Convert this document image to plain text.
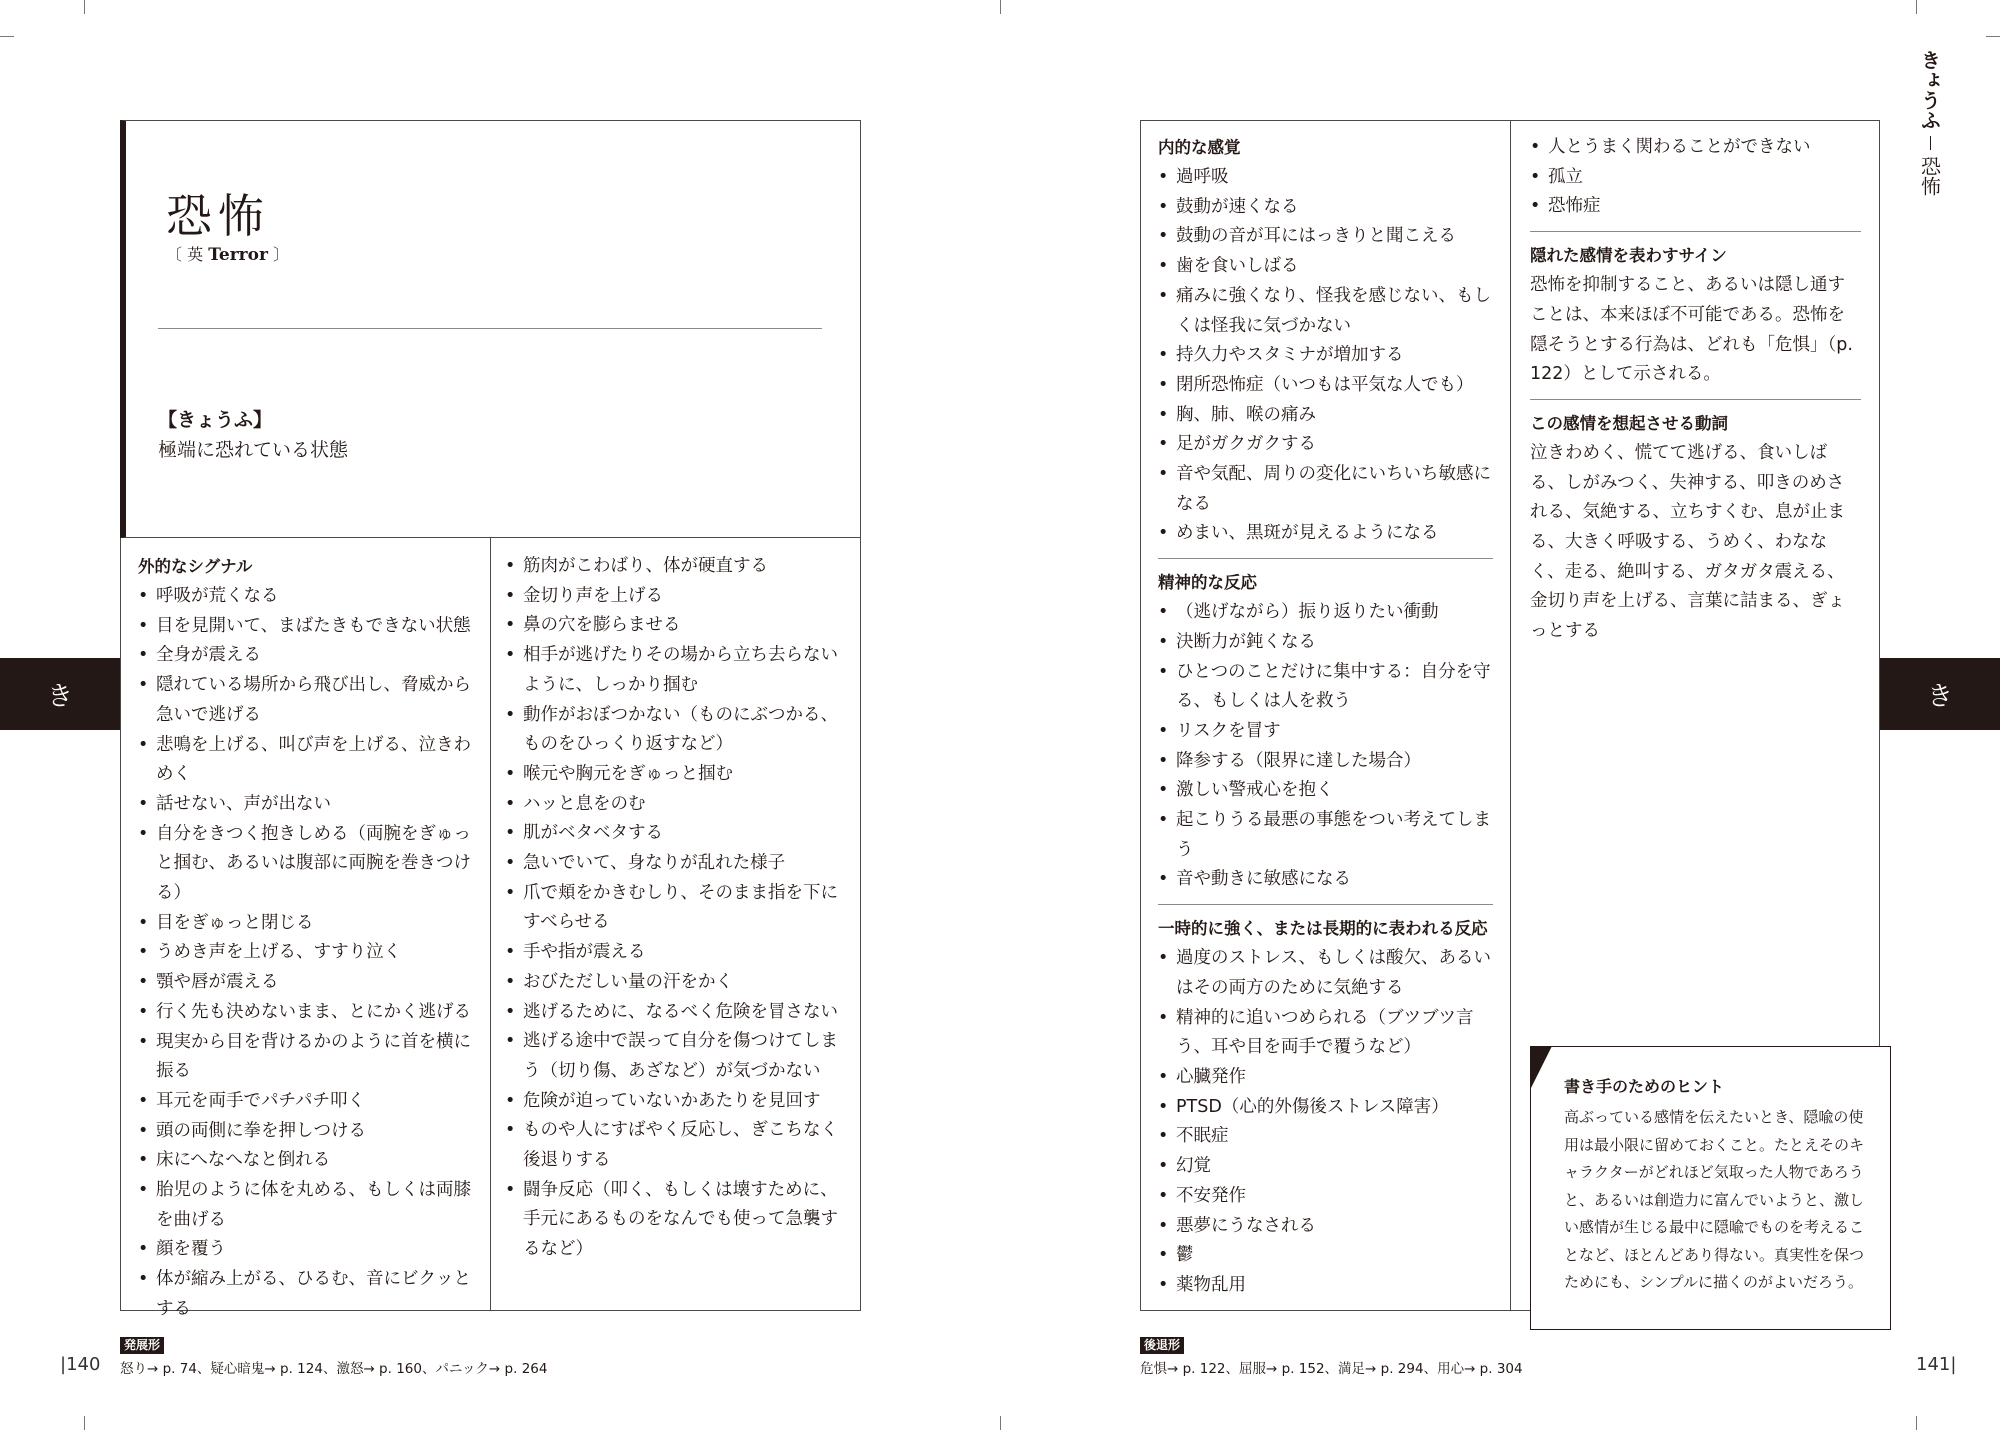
恐怖
〔 英 Terror 〕
【きょうふ】
極端に恐れている状態
外的なシグナル
• 呼吸が荒くなる
• 目を見開いて、まばたきもできない状態
• 全身が震える
• 隠れている場所から飛び出し、脅威から急いで逃げる
• 悲鳴を上げる、叫び声を上げる、泣きわめく
• 話せない、声が出ない
• 自分をきつく抱きしめる（両腕をぎゅっと掴む、あるいは腹部に両腕を巻きつける）
• 目をぎゅっと閉じる
• うめき声を上げる、すすり泣く
• 顎や唇が震える
• 行く先も決めないまま、とにかく逃げる
• 現実から目を背けるかのように首を横に振る
• 耳元を両手でパチパチ叩く
• 頭の両側に拳を押しつける
• 床にへなへなと倒れる
• 胎児のように体を丸める、もしくは両膝を曲げる
• 顔を覆う
• 体が縮み上がる、ひるむ、音にビクッとする
• 筋肉がこわばり、体が硬直する
• 金切り声を上げる
• 鼻の穴を膨らませる
• 相手が逃げたりその場から立ち去らないように、しっかり掴む
• 動作がおぼつかない（ものにぶつかる、ものをひっくり返すなど）
• 喉元や胸元をぎゅっと掴む
• ハッと息をのむ
• 肌がベタベタする
• 急いでいて、身なりが乱れた様子
• 爪で頬をかきむしり、そのまま指を下にすべらせる
• 手や指が震える
• おびただしい量の汗をかく
• 逃げるために、なるべく危険を冒さない
• 逃げる途中で誤って自分を傷つけてしまう（切り傷、あざなど）が気づかない
• 危険が迫っていないかあたりを見回す
• ものや人にすばやく反応し、ぎこちなく後退りする
• 闘争反応（叩く、もしくは壊すために、手元にあるものをなんでも使って急襲するなど）
き	き
|140
発展形
怒り→ p. 74、疑心暗鬼→ p. 124、激怒→ p. 160、パニック→ p. 264
内的な感覚
• 過呼吸
• 鼓動が速くなる
• 鼓動の音が耳にはっきりと聞こえる
• 歯を食いしばる
• 痛みに強くなり、怪我を感じない、もしくは怪我に気づかない
• 持久力やスタミナが増加する
• 閉所恐怖症（いつもは平気な人でも）
• 胸、肺、喉の痛み
• 足がガクガクする
• 音や気配、周りの変化にいちいち敏感になる
• めまい、黒斑が見えるようになる
精神的な反応
• （逃げながら）振り返りたい衝動
• 決断力が鈍くなる
• ひとつのことだけに集中する：自分を守る、もしくは人を救う
• リスクを冒す
• 降参する（限界に達した場合）
• 激しい警戒心を抱く
• 起こりうる最悪の事態をつい考えてしまう
• 音や動きに敏感になる
一時的に強く、または長期的に表われる反応
• 過度のストレス、もしくは酸欠、あるいはその両方のために気絶する
• 精神的に追いつめられる（ブツブツ言う、耳や目を両手で覆うなど）
• 心臓発作
• PTSD（心的外傷後ストレス障害）
• 不眠症
• 幻覚
• 不安発作
• 悪夢にうなされる
• 鬱
• 薬物乱用
• 人とうまく関わることができない
• 孤立
• 恐怖症
隠れた感情を表わすサイン
恐怖を抑制すること、あるいは隠し通すことは、本来ほぼ不可能である。恐怖を隠そうとする行為は、どれも「危惧」（p. 122）として示される。
この感情を想起させる動詞
泣きわめく、慌てて逃げる、食いしばる、しがみつく、失神する、叩きのめされる、気絶する、立ちすくむ、息が止まる、大きく呼吸する、うめく、わななく、走る、絶叫する、ガタガタ震える、金切り声を上げる、言葉に詰まる、ぎょっとする
書き手のためのヒント
高ぶっている感情を伝えたいとき、隠喩の使用は最小限に留めておくこと。たとえそのキャラクターがどれほど気取った人物であろうと、あるいは創造力に富んでいようと、激しい感情が生じる最中に隠喩でものを考えることなど、ほとんどあり得ない。真実性を保つためにも、シンプルに描くのがよいだろう。
きょうふ
恐怖
141|
後退形
危惧→ p. 122、屈服→ p. 152、満足→ p. 294、用心→ p. 304
